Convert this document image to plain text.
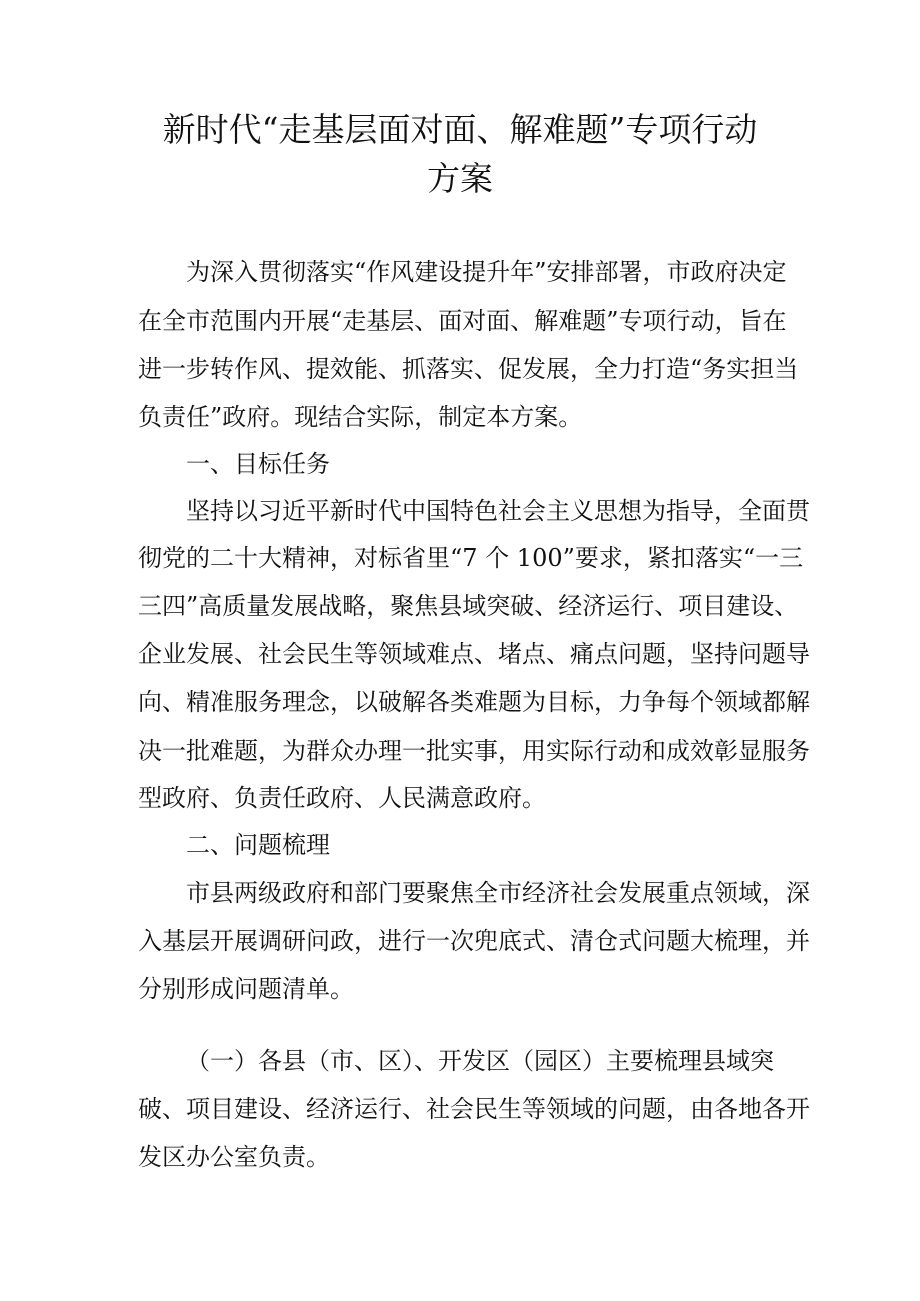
新时代“走基层面对面、解难题”专项行动
方案

为深入贯彻落实“作风建设提升年”安排部署，市政府决定

在全市范围内开展“走基层、面对面、解难题”专项行动，旨在

进一步转作风、提效能、抓落实、促发展，全力打造“务实担当

负责任”政府。现结合实际，制定本方案。

一、目标任务

坚持以习近平新时代中国特色社会主义思想为指导，全面贯

彻党的二十大精神，对标省里“7 个 100”要求，紧扣落实“一三

三四”高质量发展战略，聚焦县域突破、经济运行、项目建设、

企业发展、社会民生等领域难点、堵点、痛点问题，坚持问题导

向、精准服务理念，以破解各类难题为目标，力争每个领域都解

决一批难题，为群众办理一批实事，用实际行动和成效彰显服务

型政府、负责任政府、人民满意政府。

二、问题梳理

市县两级政府和部门要聚焦全市经济社会发展重点领域，深

入基层开展调研问政，进行一次兜底式、清仓式问题大梳理，并

分别形成问题清单。

（一）各县（市、区）、开发区（园区）主要梳理县域突

破、项目建设、经济运行、社会民生等领域的问题，由各地各开

发区办公室负责。
